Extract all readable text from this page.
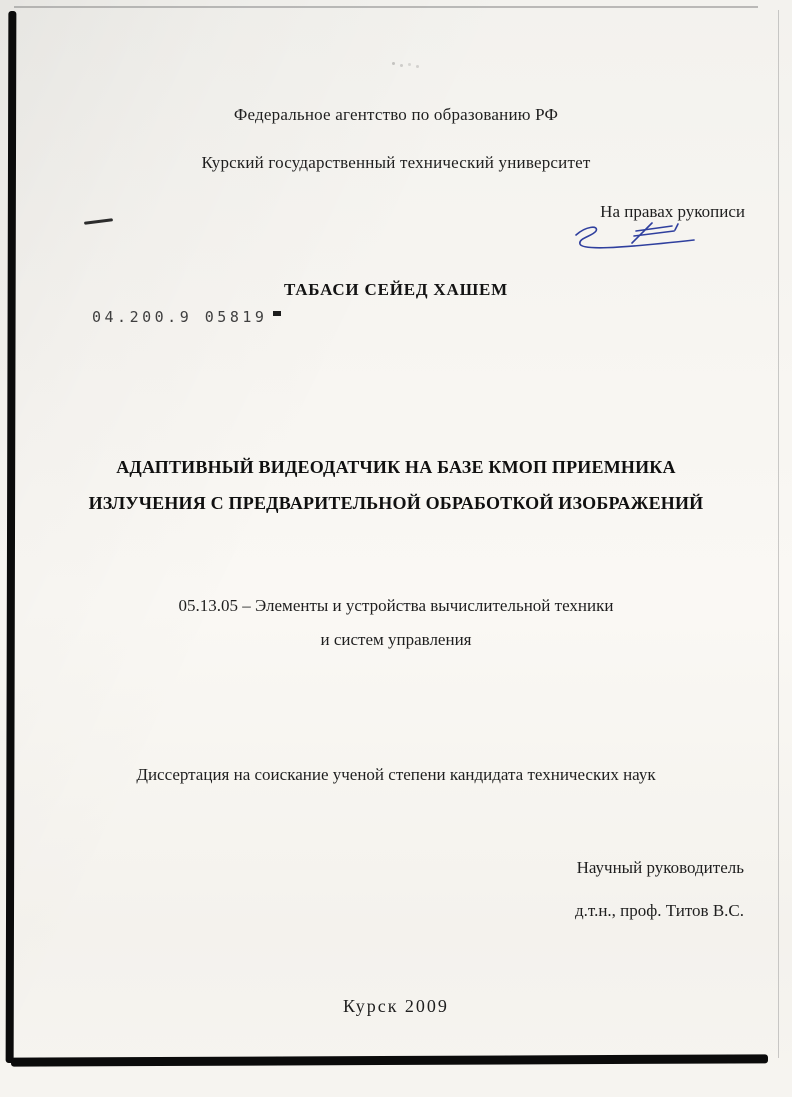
Федеральное агентство по образованию РФ
Курский государственный технический университет
На правах рукописи
ТАБАСИ СЕЙЕД ХАШЕМ
04.200.9 05819
АДАПТИВНЫЙ ВИДЕОДАТЧИК НА БАЗЕ КМОП ПРИЕМНИКА
ИЗЛУЧЕНИЯ С ПРЕДВАРИТЕЛЬНОЙ ОБРАБОТКОЙ ИЗОБРАЖЕНИЙ
05.13.05 – Элементы и устройства вычислительной техники
и систем управления
Диссертация на соискание ученой степени кандидата технических наук
Научный руководитель
д.т.н., проф. Титов В.С.
Курск 2009
